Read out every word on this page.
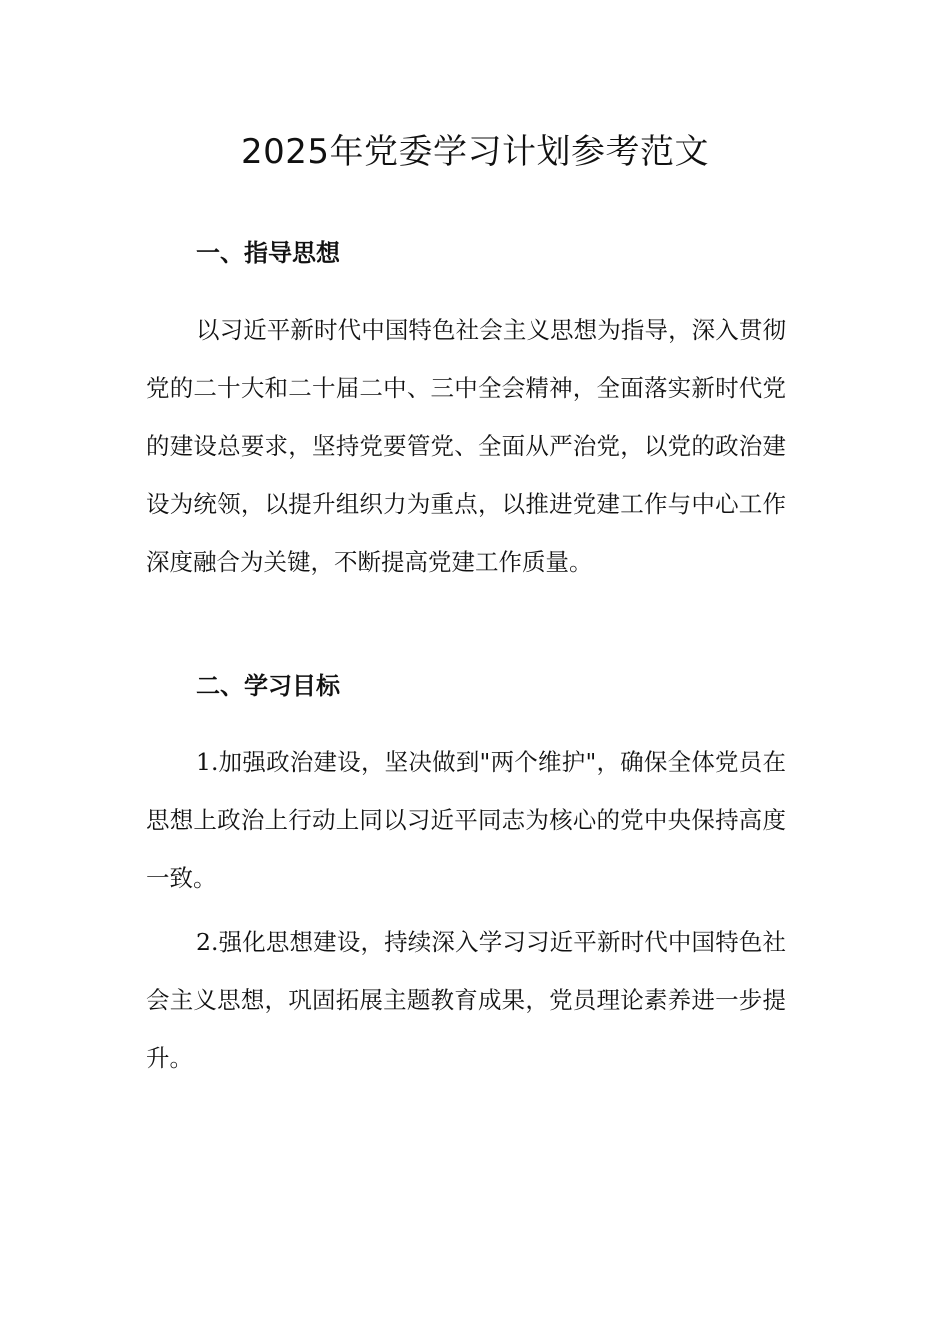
2025年党委学习计划参考范文
一、指导思想

以习近平新时代中国特色社会主义思想为指导，深入贯彻党的二十大和二十届二中、三中全会精神，全面落实新时代党的建设总要求，坚持党要管党、全面从严治党，以党的政治建设为统领，以提升组织力为重点，以推进党建工作与中心工作深度融合为关键，不断提高党建工作质量。

二、学习目标

1.加强政治建设，坚决做到"两个维护"，确保全体党员在思想上政治上行动上同以习近平同志为核心的党中央保持高度一致。

2.强化思想建设，持续深入学习习近平新时代中国特色社会主义思想，巩固拓展主题教育成果，党员理论素养进一步提升。
